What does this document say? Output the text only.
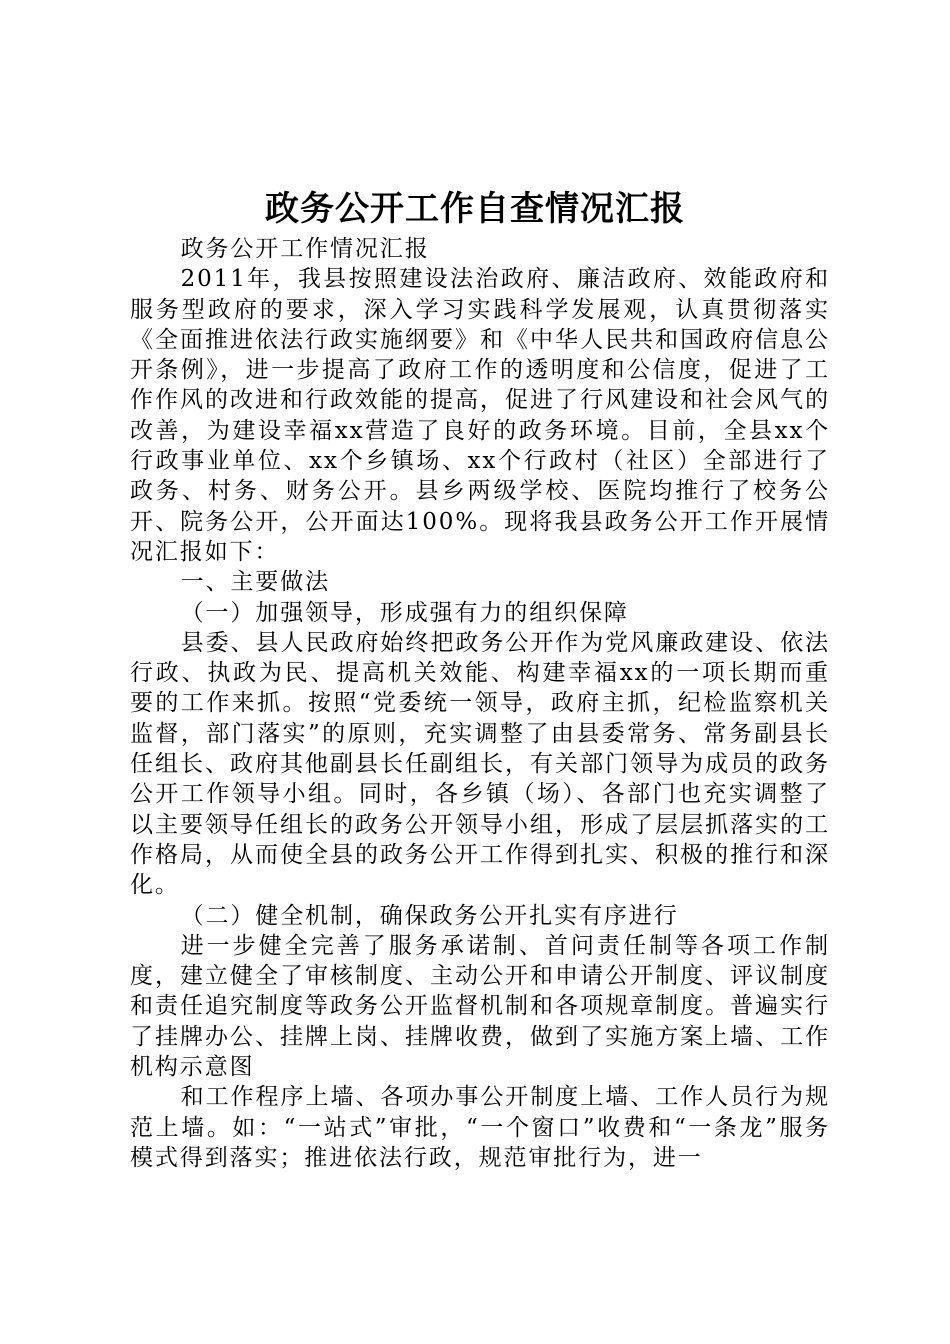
政务公开工作自查情况汇报

政务公开工作情况汇报

2011年，我县按照建设法治政府、廉洁政府、效能政府和服务型政府的要求，深入学习实践科学发展观，认真贯彻落实《全面推进依法行政实施纲要》和《中华人民共和国政府信息公开条例》，进一步提高了政府工作的透明度和公信度，促进了工作作风的改进和行政效能的提高，促进了行风建设和社会风气的改善，为建设幸福xx营造了良好的政务环境。目前，全县xx个行政事业单位、xx个乡镇场、xx个行政村（社区）全部进行了政务、村务、财务公开。县乡两级学校、医院均推行了校务公开、院务公开，公开面达100%。现将我县政务公开工作开展情况汇报如下：

一、主要做法

（一）加强领导，形成强有力的组织保障

县委、县人民政府始终把政务公开作为党风廉政建设、依法行政、执政为民、提高机关效能、构建幸福xx的一项长期而重要的工作来抓。按照“党委统一领导，政府主抓，纪检监察机关监督，部门落实”的原则，充实调整了由县委常务、常务副县长任组长、政府其他副县长任副组长，有关部门领导为成员的政务公开工作领导小组。同时，各乡镇（场）、各部门也充实调整了以主要领导任组长的政务公开领导小组，形成了层层抓落实的工作格局，从而使全县的政务公开工作得到扎实、积极的推行和深化。

（二）健全机制，确保政务公开扎实有序进行

进一步健全完善了服务承诺制、首问责任制等各项工作制度，建立健全了审核制度、主动公开和申请公开制度、评议制度和责任追究制度等政务公开监督机制和各项规章制度。普遍实行了挂牌办公、挂牌上岗、挂牌收费，做到了实施方案上墙、工作机构示意图

和工作程序上墙、各项办事公开制度上墙、工作人员行为规范上墙。如：“一站式”审批，“一个窗口”收费和“一条龙”服务模式得到落实；推进依法行政，规范审批行为，进一
